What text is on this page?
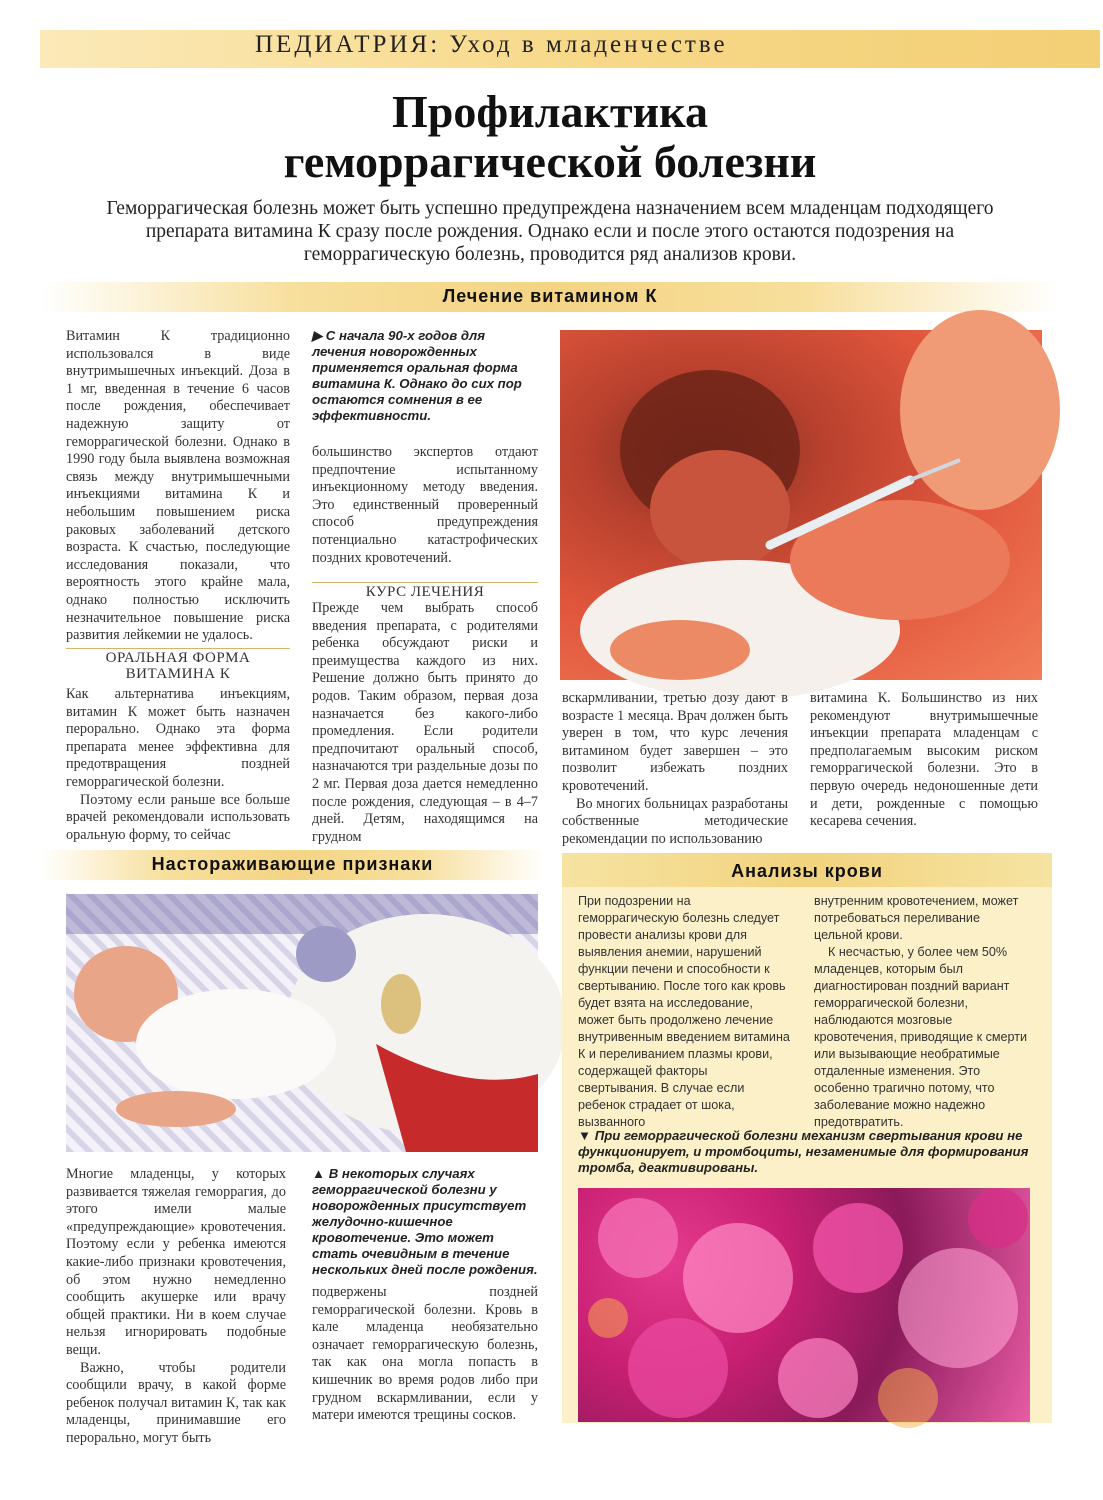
ПЕДИАТРИЯ: Уход в младенчестве
Профилактика
геморрагической болезни
Геморрагическая болезнь может быть успешно предупреждена назначением всем младенцам подходящего препарата витамина К сразу после рождения. Однако если и после этого остаются подозрения на геморрагическую болезнь, проводится ряд анализов крови.
Лечение витамином К

Витамин К традиционно использовался в виде внутримышечных инъекций. Доза в 1 мг, введенная в течение 6 часов после рождения, обеспечивает надежную защиту от геморрагической болезни. Однако в 1990 году была выявлена возможная связь между внутримышечными инъекциями витамина К и небольшим повышением риска раковых заболеваний детского возраста. К счастью, последующие исследования показали, что вероятность этого крайне мала, однако полностью исключить незначительное повышение риска развития лейкемии не удалось.

ОРАЛЬНАЯ ФОРМА ВИТАМИНА К

Как альтернатива инъекциям, витамин К может быть назначен перорально. Однако эта форма препарата менее эффективна для предотвращения поздней геморрагической болезни.

Поэтому если раньше все больше врачей рекомендовали использовать оральную форму, то сейчас

▶ С начала 90-х годов для лечения новорожденных применяется оральная форма витамина К. Однако до сих пор остаются сомнения в ее эффективности.

большинство экспертов отдают предпочтение испытанному инъекционному методу введения. Это единственный проверенный способ предупреждения потенциально катастрофических поздних кровотечений.

КУРС ЛЕЧЕНИЯ

Прежде чем выбрать способ введения препарата, с родителями ребенка обсуждают риски и преимущества каждого из них. Решение должно быть принято до родов. Таким образом, первая доза назначается без какого-либо промедления. Если родители предпочитают оральный способ, назначаются три раздельные дозы по 2 мг. Первая доза дается немедленно после рождения, следующая – в 4–7 дней. Детям, находящимся на грудном

вскармливании, третью дозу дают в возрасте 1 месяца. Врач должен быть уверен в том, что курс лечения витамином будет завершен – это позволит избежать поздних кровотечений.

Во многих больницах разработаны собственные методические рекомендации по использованию

витамина К. Большинство из них рекомендуют внутримышечные инъекции препарата младенцам с предполагаемым высоким риском геморрагической болезни. Это в первую очередь недоношенные дети и дети, рожденные с помощью кесарева сечения.

Настораживающие признаки

Многие младенцы, у которых развивается тяжелая геморрагия, до этого имели малые «предупреждающие» кровотечения. Поэтому если у ребенка имеются какие-либо признаки кровотечения, об этом нужно немедленно сообщить акушерке или врачу общей практики. Ни в коем случае нельзя игнорировать подобные вещи.

Важно, чтобы родители сообщили врачу, в какой форме ребенок получал витамин К, так как младенцы, принимавшие его перорально, могут быть

▲ В некоторых случаях геморрагической болезни у новорожденных присутствует желудочно-кишечное кровотечение. Это может стать очевидным в течение нескольких дней после рождения.

подвержены поздней геморрагической болезни. Кровь в кале младенца необязательно означает геморрагическую болезнь, так как она могла попасть в кишечник во время родов либо при грудном вскармливании, если у матери имеются трещины сосков.

Анализы крови

При подозрении на геморрагическую болезнь следует провести анализы крови для выявления анемии, нарушений функции печени и способности к свертыванию. После того как кровь будет взята на исследование, может быть продолжено лечение внутривенным введением витамина К и переливанием плазмы крови, содержащей факторы свертывания. В случае если ребенок страдает от шока, вызванного

внутренним кровотечением, может потребоваться переливание цельной крови.

К несчастью, у более чем 50% младенцев, которым был диагностирован поздний вариант геморрагической болезни, наблюдаются мозговые кровотечения, приводящие к смерти или вызывающие необратимые отдаленные изменения. Это особенно трагично потому, что заболевание можно надежно предотвратить.

▼ При геморрагической болезни механизм свертывания крови не функционирует, и тромбоциты, незаменимые для формирования тромба, деактивированы.
